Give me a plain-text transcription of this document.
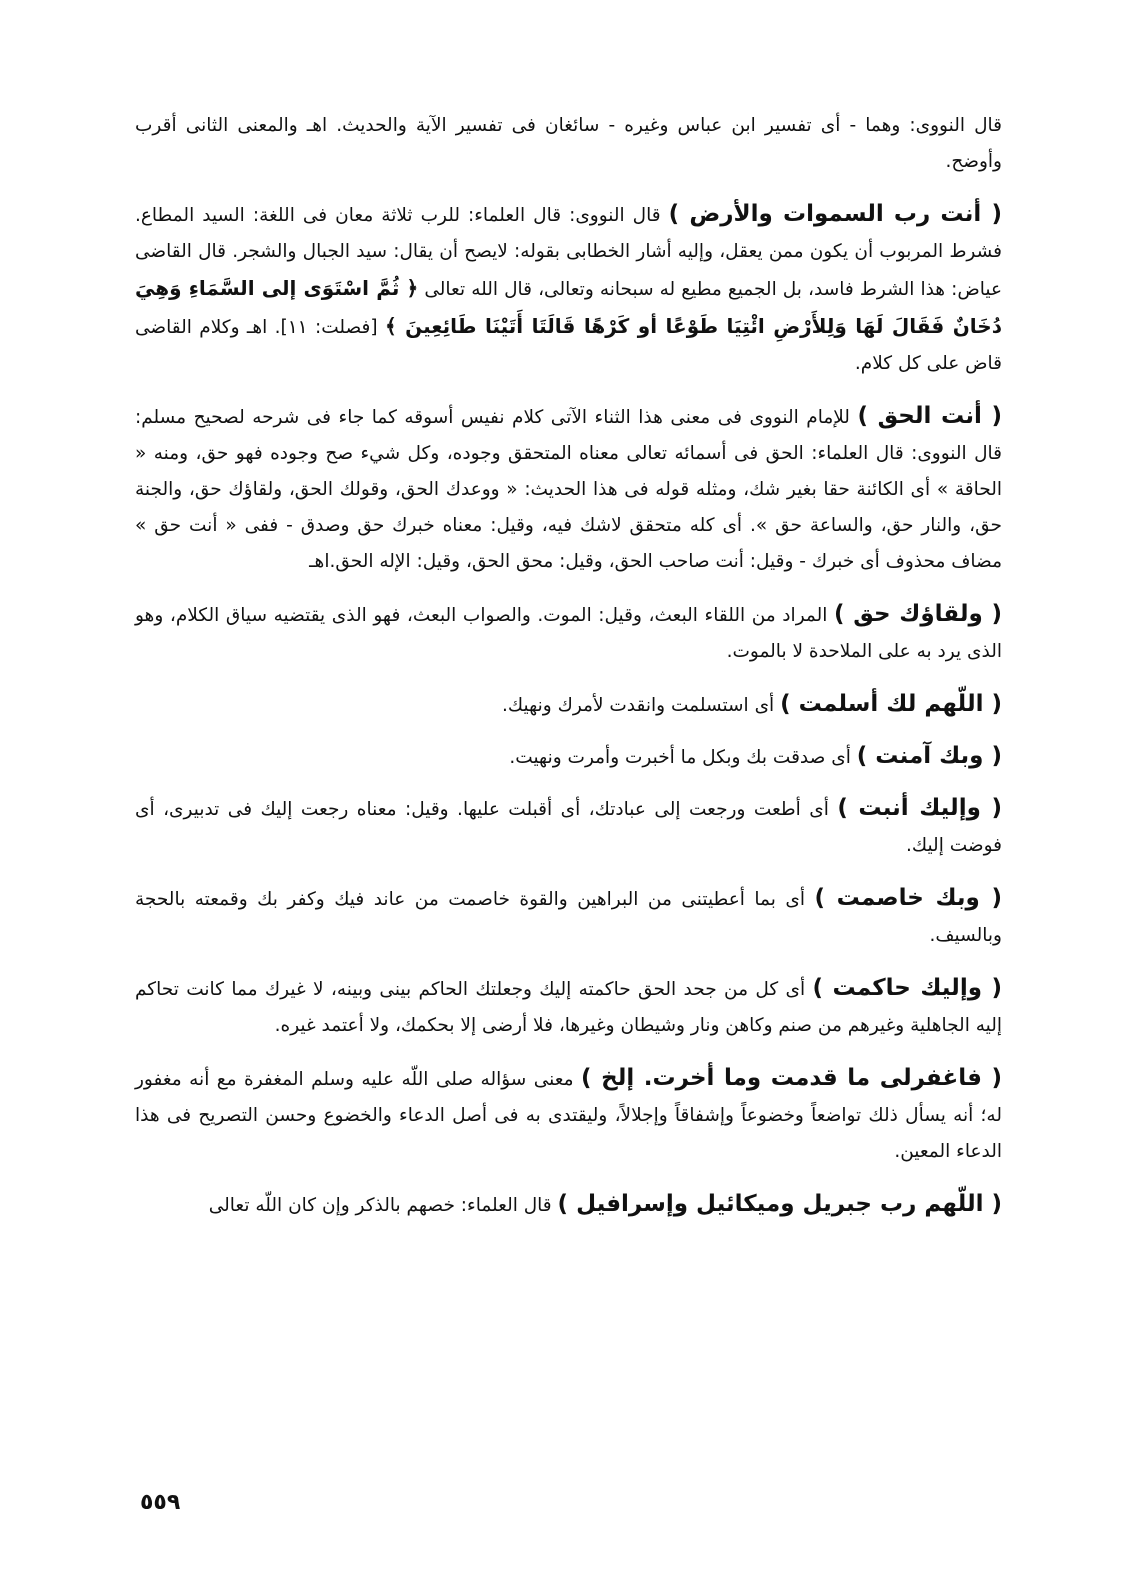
قال النووى: وهما - أى تفسير ابن عباس وغيره - سائغان فى تفسير الآية والحديث. اهـ والمعنى الثانى أقرب وأوضح.

( أنت رب السموات والأرض ) قال النووى: قال العلماء: للرب ثلاثة معان فى اللغة: السيد المطاع. فشرط المربوب أن يكون ممن يعقل، وإليه أشار الخطابى بقوله: لايصح أن يقال: سيد الجبال والشجر. قال القاضى عياض: هذا الشرط فاسد، بل الجميع مطيع له سبحانه وتعالى، قال الله تعالى ﴿ ثُمَّ اسْتَوَى إلى السَّمَاءِ وَهِيَ دُخَانٌ فَقَالَ لَهَا وَلِلأَرْضِ ائْتِيَا طَوْعًا أو كَرْهًا قَالَتَا أَتَيْنَا طَائِعِينَ ﴾ [فصلت: ١١]. اهـ وكلام القاضى قاض على كل كلام.

( أنت الحق ) للإمام النووى فى معنى هذا الثناء الآتى كلام نفيس أسوقه كما جاء فى شرحه لصحيح مسلم: قال النووى: قال العلماء: الحق فى أسمائه تعالى معناه المتحقق وجوده، وكل شيء صح وجوده فهو حق، ومنه « الحاقة » أى الكائنة حقا بغير شك، ومثله قوله فى هذا الحديث: « ووعدك الحق، وقولك الحق، ولقاؤك حق، والجنة حق، والنار حق، والساعة حق ». أى كله متحقق لاشك فيه، وقيل: معناه خبرك حق وصدق - ففى « أنت حق » مضاف محذوف أى خبرك - وقيل: أنت صاحب الحق، وقيل: محق الحق، وقيل: الإله الحق.اهـ

( ولقاؤك حق ) المراد من اللقاء البعث، وقيل: الموت. والصواب البعث، فهو الذى يقتضيه سياق الكلام، وهو الذى يرد به على الملاحدة لا بالموت.

( اللّهم لك أسلمت ) أى استسلمت وانقدت لأمرك ونهيك.

( وبك آمنت ) أى صدقت بك وبكل ما أخبرت وأمرت ونهيت.

( وإليك أنبت ) أى أطعت ورجعت إلى عبادتك، أى أقبلت عليها. وقيل: معناه رجعت إليك فى تدبيرى، أى فوضت إليك.

( وبك خاصمت ) أى بما أعطيتنى من البراهين والقوة خاصمت من عاند فيك وكفر بك وقمعته بالحجة وبالسيف.

( وإليك حاكمت ) أى كل من جحد الحق حاكمته إليك وجعلتك الحاكم بينى وبينه، لا غيرك مما كانت تحاكم إليه الجاهلية وغيرهم من صنم وكاهن ونار وشيطان وغيرها، فلا أرضى إلا بحكمك، ولا أعتمد غيره.

( فاغفرلى ما قدمت وما أخرت. إلخ ) معنى سؤاله صلى اللّه عليه وسلم المغفرة مع أنه مغفور له؛ أنه يسأل ذلك تواضعاً وخضوعاً وإشفاقاً وإجلالاً، وليقتدى به فى أصل الدعاء والخضوع وحسن التصريح فى هذا الدعاء المعين.

( اللّهم رب جبريل وميكائيل وإسرافيل ) قال العلماء: خصهم بالذكر وإن كان اللّه تعالى

٥٥٩
